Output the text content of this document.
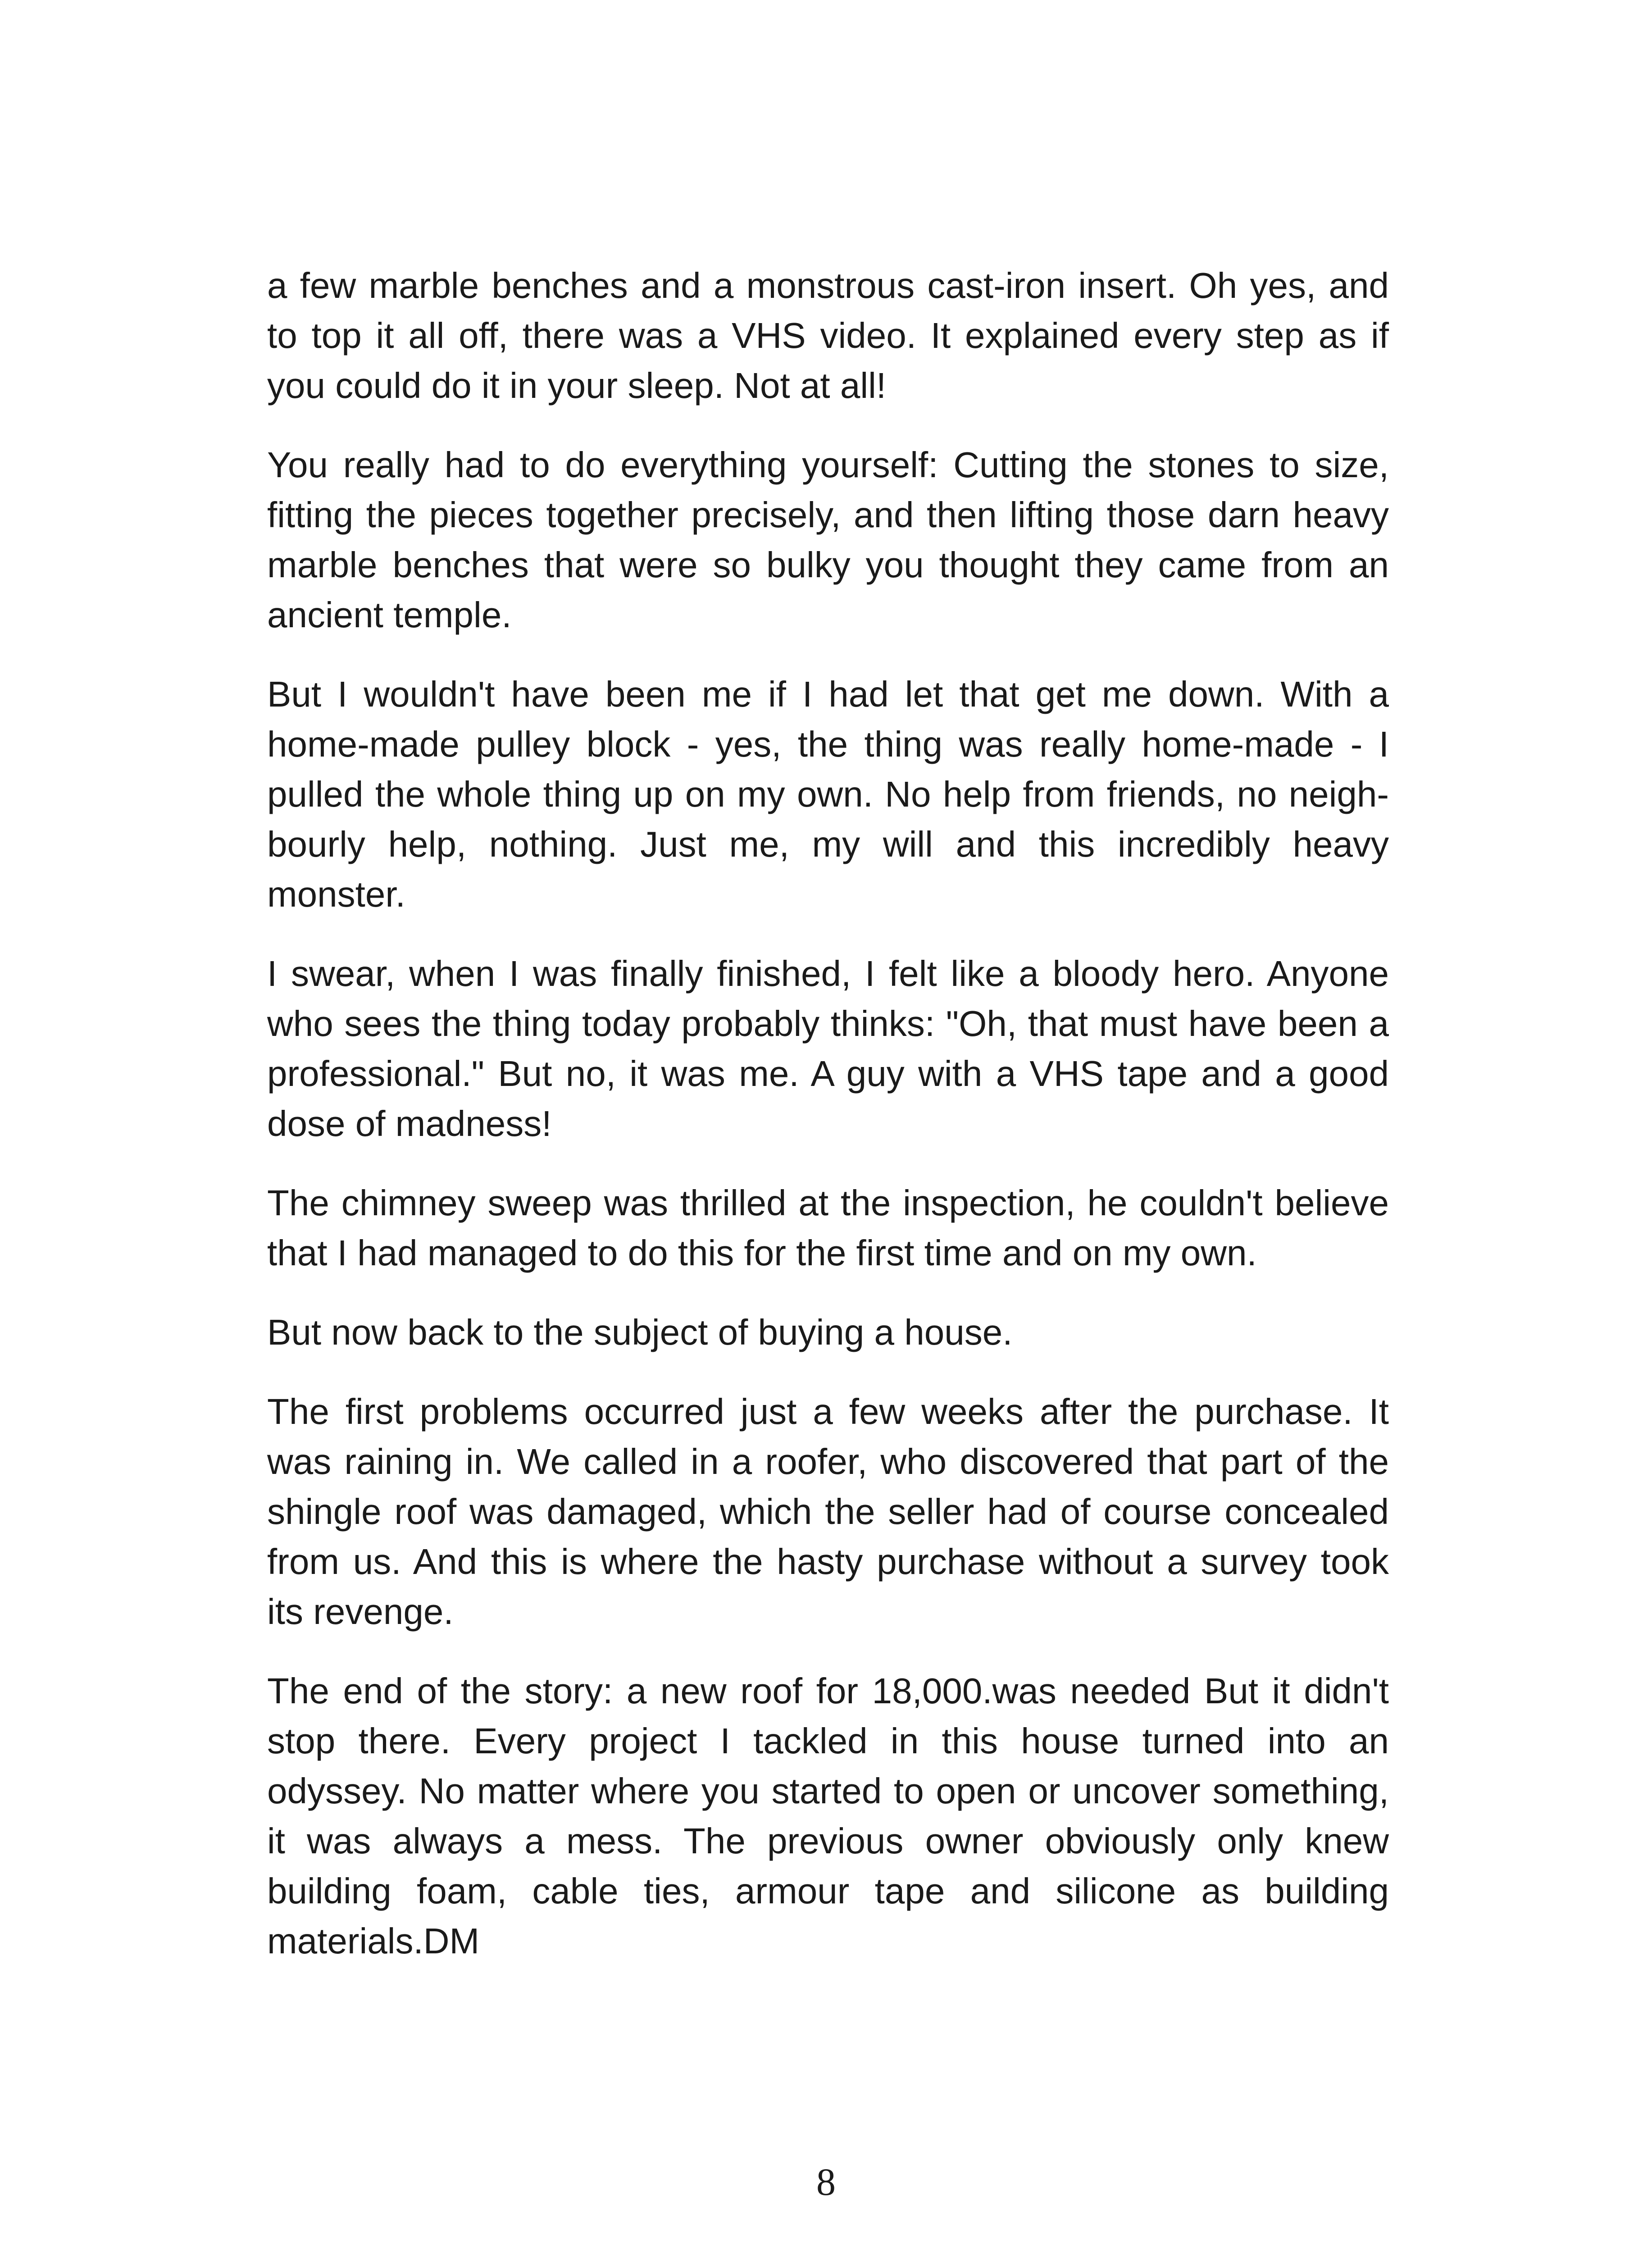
a few marble benches and a monstrous cast-iron insert. Oh yes, and to top it all off, there was a VHS video. It explained every step as if you could do it in your sleep. Not at all!

You really had to do everything yourself: Cutting the stones to size, fitting the pieces together precisely, and then lifting those darn heavy marble benches that were so bulky you thought they came from an ancient temple.

But I wouldn't have been me if I had let that get me down. With a home-made pulley block - yes, the thing was really home-made - I pulled the whole thing up on my own. No help from friends, no neighbourly help, nothing. Just me, my will and this incredibly heavy monster.

I swear, when I was finally finished, I felt like a bloody hero. Anyone who sees the thing today probably thinks: "Oh, that must have been a professional." But no, it was me. A guy with a VHS tape and a good dose of madness!

The chimney sweep was thrilled at the inspection, he couldn't believe that I had managed to do this for the first time and on my own.

But now back to the subject of buying a house.

The first problems occurred just a few weeks after the purchase. It was raining in. We called in a roofer, who discovered that part of the shingle roof was damaged, which the seller had of course concealed from us. And this is where the hasty purchase without a survey took its revenge.

The end of the story: a new roof for 18,000.was needed But it didn't stop there. Every project I tackled in this house turned into an odyssey. No matter where you started to open or uncover something, it was always a mess. The previous owner obviously only knew building foam, cable ties, armour tape and silicone as building materials.DM

8
